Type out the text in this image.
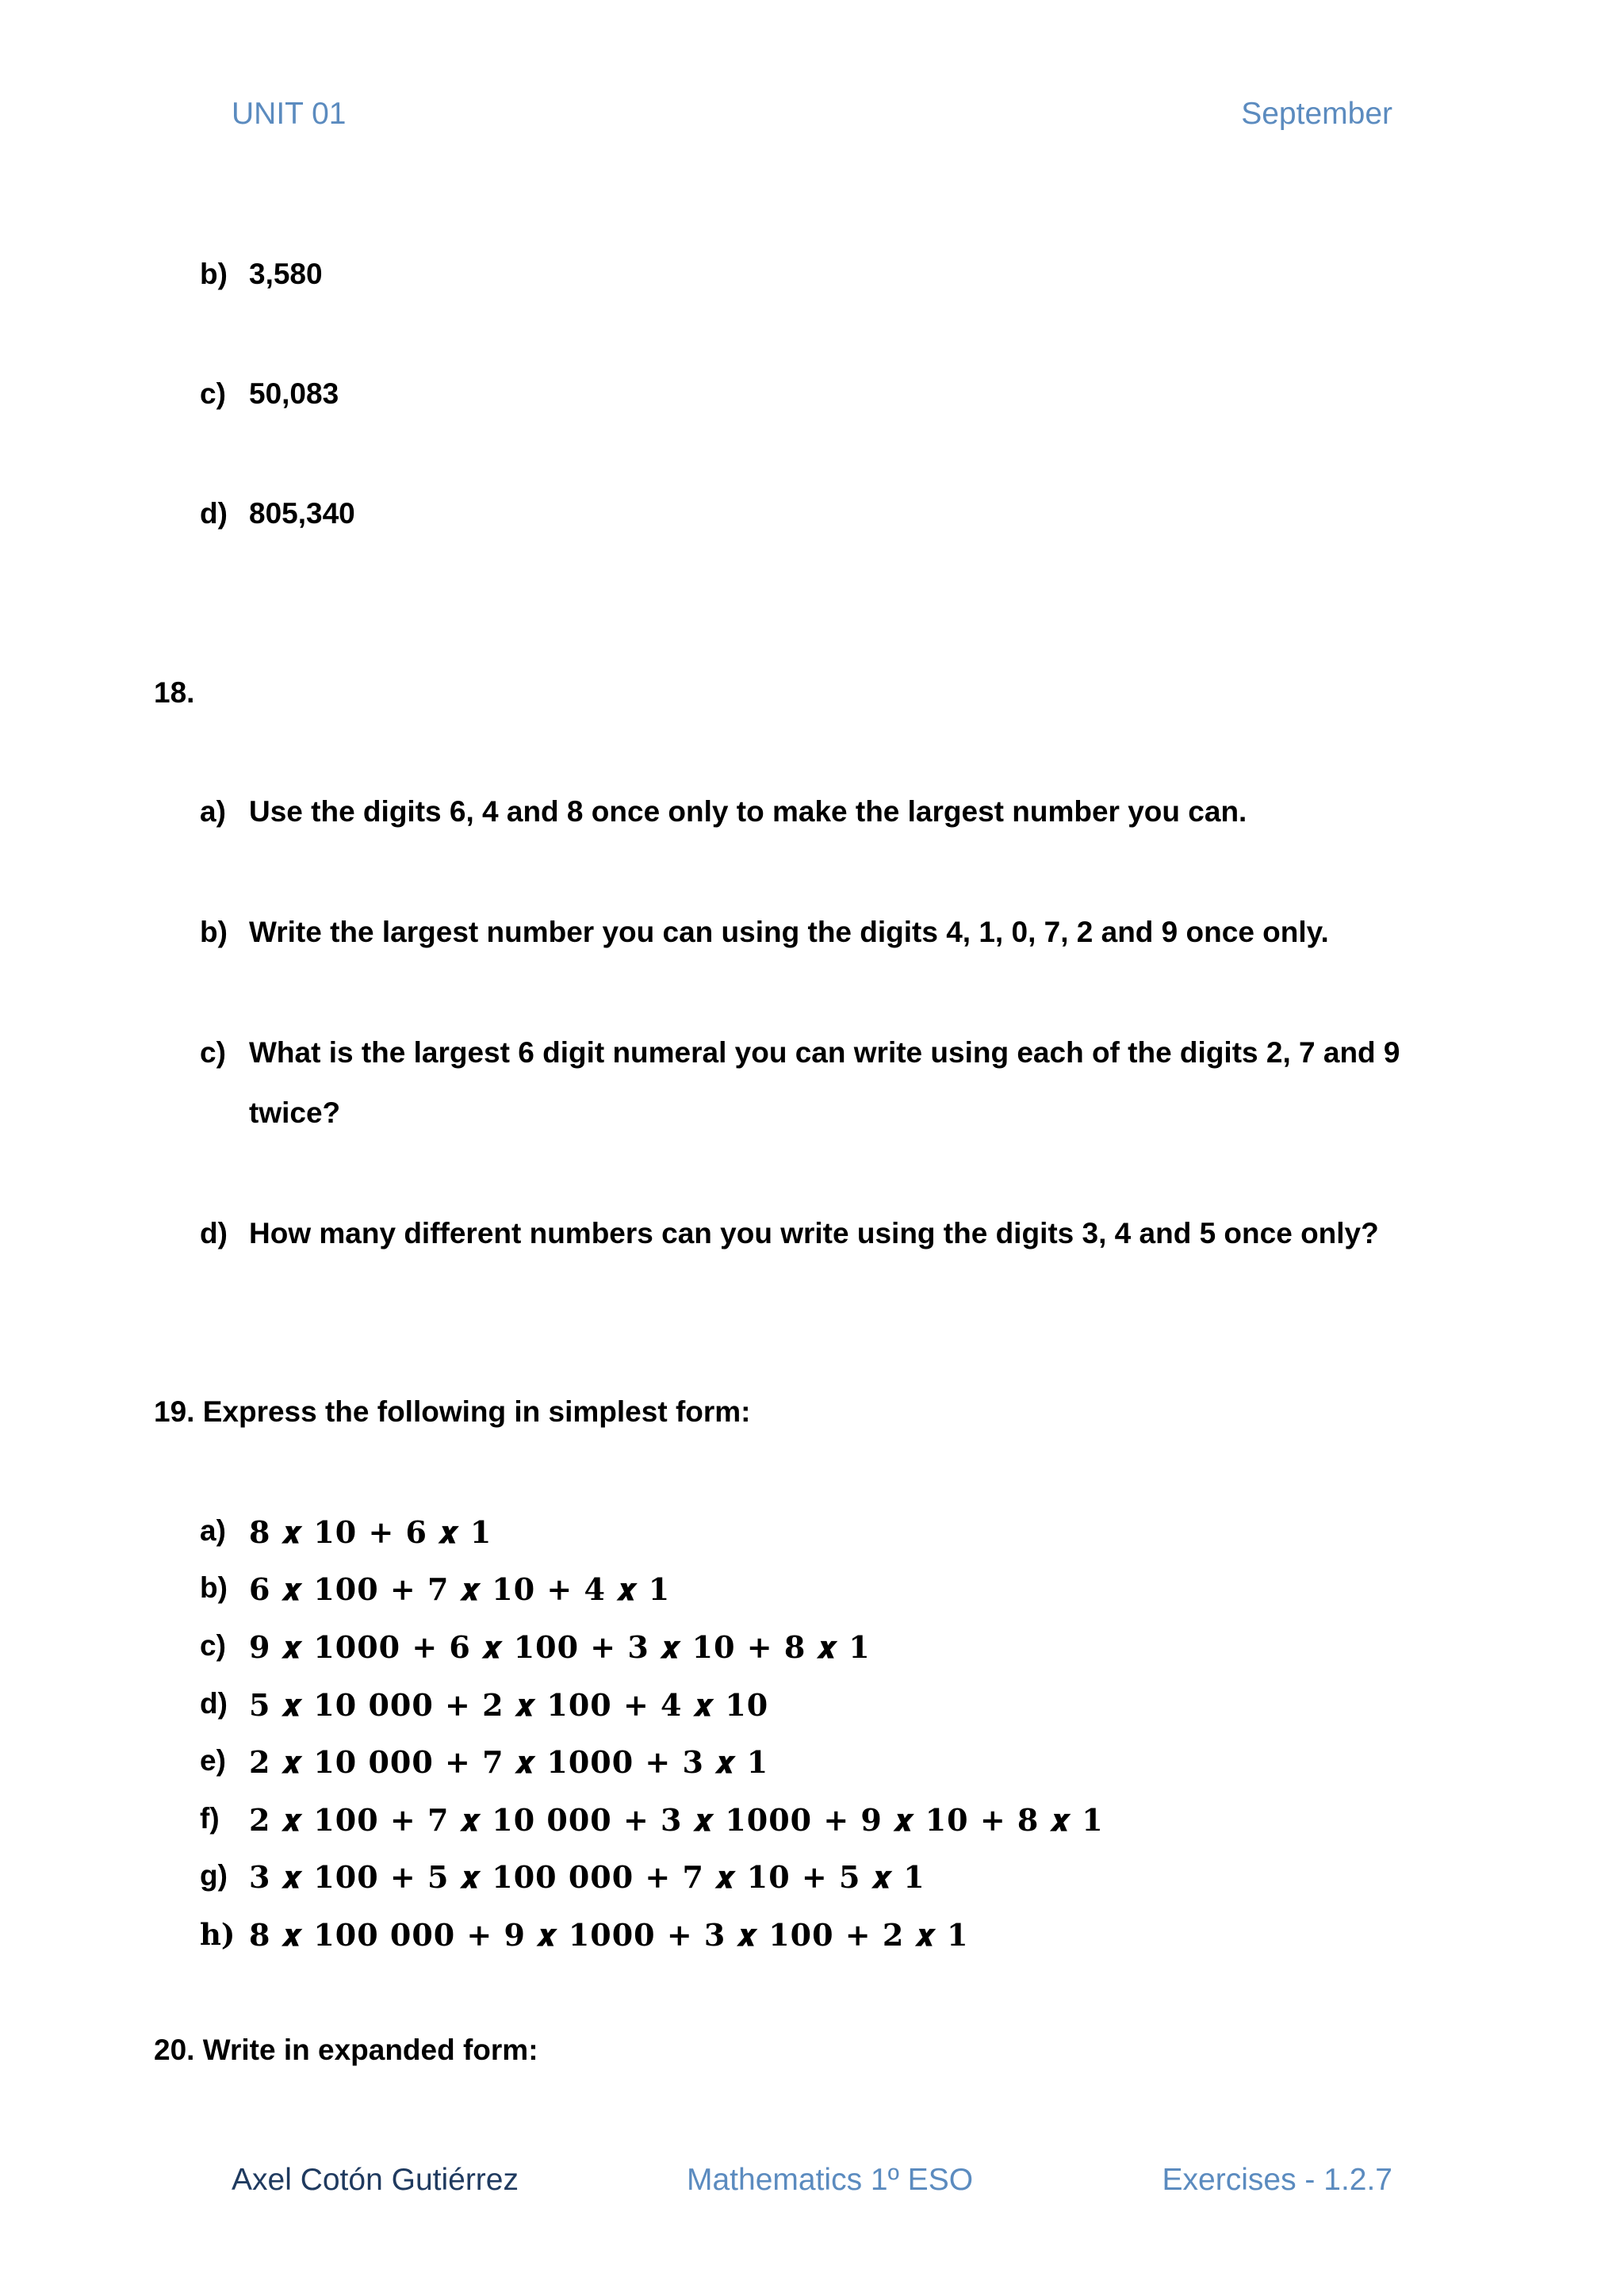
UNIT 01	September
b) 3,580
c) 50,083
d) 805,340
18.
a) Use the digits 6, 4 and 8 once only to make the largest number you can.
b) Write the largest number you can using the digits 4, 1, 0, 7, 2 and 9 once only.
c) What is the largest 6 digit numeral you can write using each of the digits 2, 7 and 9
twice?
d) How many different numbers can you write using the digits 3, 4 and 5 once only?
19. Express the following in simplest form:
a) 8 𝒙 10 + 6 𝒙 1
b) 6 𝒙 100 + 7 𝒙 10 + 4 𝒙 1
c) 9 𝒙 1000 + 6 𝒙 100 + 3 𝒙 10 + 8 𝒙 1
d) 5 𝒙 10 000 + 2 𝒙 100 + 4 𝒙 10
e) 2 𝒙 10 000 + 7 𝒙 1000 + 3 𝒙 1
f) 2 𝒙 100 + 7 𝒙 10 000 + 3 𝒙 1000 + 9 𝒙 10 + 8 𝒙 1
g) 3 𝒙 100 + 5 𝒙 100 000 + 7 𝒙 10 + 5 𝒙 1
h) 8 𝒙 100 000 + 9 𝒙 1000 + 3 𝒙 100 + 2 𝒙 1
20. Write in expanded form:
Axel Cotón Gutiérrez	Mathematics 1º ESO	Exercises - 1.2.7
